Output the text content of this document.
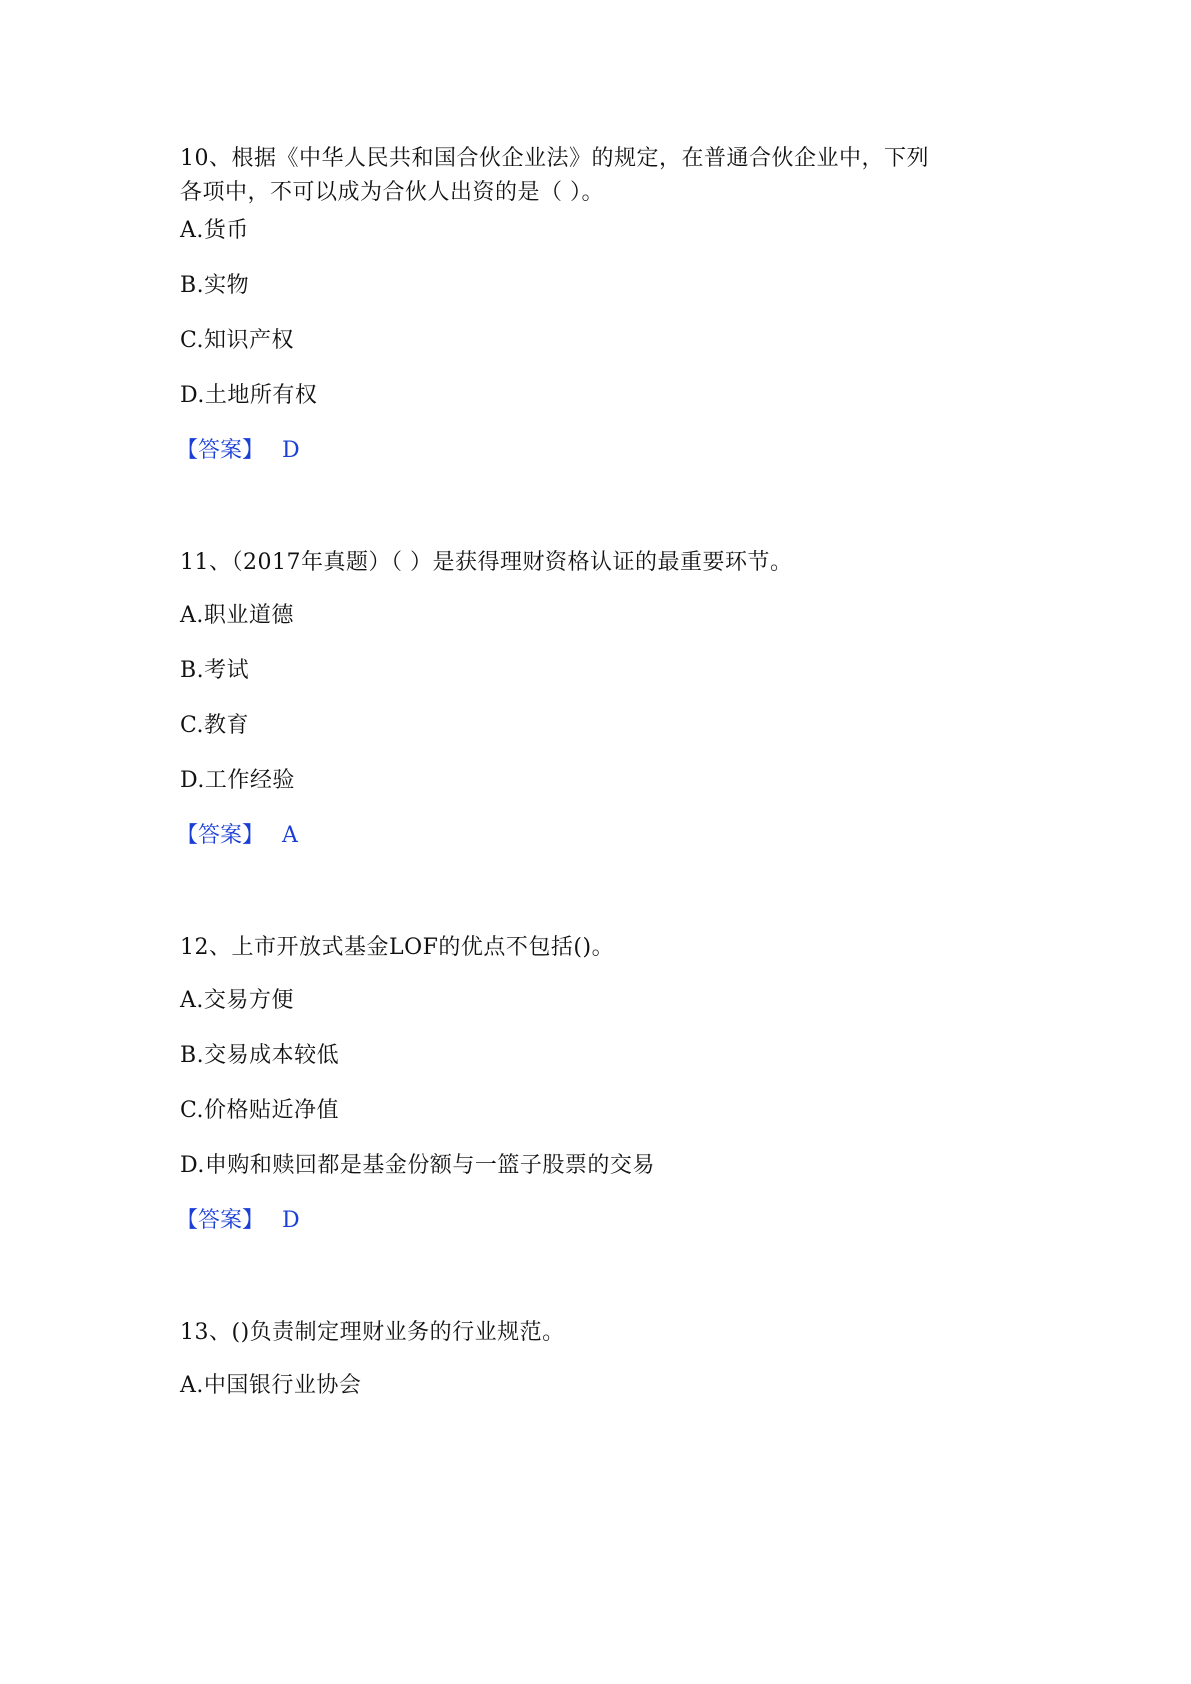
10、根据《中华人民共和国合伙企业法》的规定，在普通合伙企业中，下列各项中，不可以成为合伙人出资的是（ ）。

A.货币
B.实物
C.知识产权
D.土地所有权
【答案】 D

11、（2017年真题）（ ）是获得理财资格认证的最重要环节。

A.职业道德
B.考试
C.教育
D.工作经验
【答案】 A

12、上市开放式基金LOF的优点不包括()。

A.交易方便
B.交易成本较低
C.价格贴近净值
D.申购和赎回都是基金份额与一篮子股票的交易
【答案】 D

13、()负责制定理财业务的行业规范。

A.中国银行业协会
